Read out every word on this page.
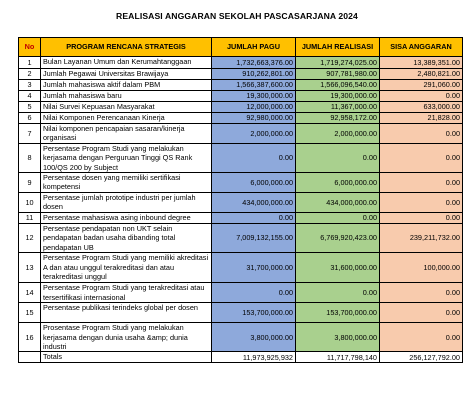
REALISASI ANGGARAN SEKOLAH PASCASARJANA 2024
No	PROGRAM RENCANA STRATEGIS	JUMLAH PAGU	JUMLAH REALISASI	SISA ANGGARAN
1	Bulan Layanan Umum dan Kerumahtanggaan	1,732,663,376.00	1,719,274,025.00	13,389,351.00
2	Jumlah Pegawai Universitas Brawijaya	910,262,801.00	907,781,980.00	2,480,821.00
3	Jumlah mahasiswa aktif dalam PBM	1,566,387,600.00	1,566,096,540.00	291,060.00
4	Jumlah mahasiswa baru	19,300,000.00	19,300,000.00	0.00
5	Nilai Survei Kepuasan Masyarakat	12,000,000.00	11,367,000.00	633,000.00
6	Nilai Komponen Perencanaan Kinerja	92,980,000.00	92,958,172.00	21,828.00
7	Nilai komponen pencapaian sasaran/kinerja organisasi	2,000,000.00	2,000,000.00	0.00
8	Persentase Program Studi yang melakukan kerjasama dengan Perguruan Tinggi QS Rank 100/QS 200 by Subject	0.00	0.00	0.00
9	Persentase dosen yang memiliki sertifikasi kompetensi	6,000,000.00	6,000,000.00	0.00
10	Persentase jumlah prototipe industri per jumlah dosen	434,000,000.00	434,000,000.00	0.00
11	Persentase mahasiswa asing inbound degree	0.00	0.00	0.00
12	Persentase pendapatan non UKT selain pendapatan badan usaha dibanding total pendapatan UB	7,009,132,155.00	6,769,920,423.00	239,211,732.00
13	Persentase Program Studi yang memiliki akreditasi A dan atau unggul terakreditasi dan atau terakreditasi unggul	31,700,000.00	31,600,000.00	100,000.00
14	Persentase Program Studi yang terakreditasi atau tersertifikasi internasional	0.00	0.00	0.00
15	Persentase publikasi terindeks global per dosen	153,700,000.00	153,700,000.00	0.00
16	Prosentase Program Studi yang melakukan kerjasama dengan dunia usaha &amp; dunia industri	3,800,000.00	3,800,000.00	0.00
	Totals	11,973,925,932	11,717,798,140	256,127,792.00
